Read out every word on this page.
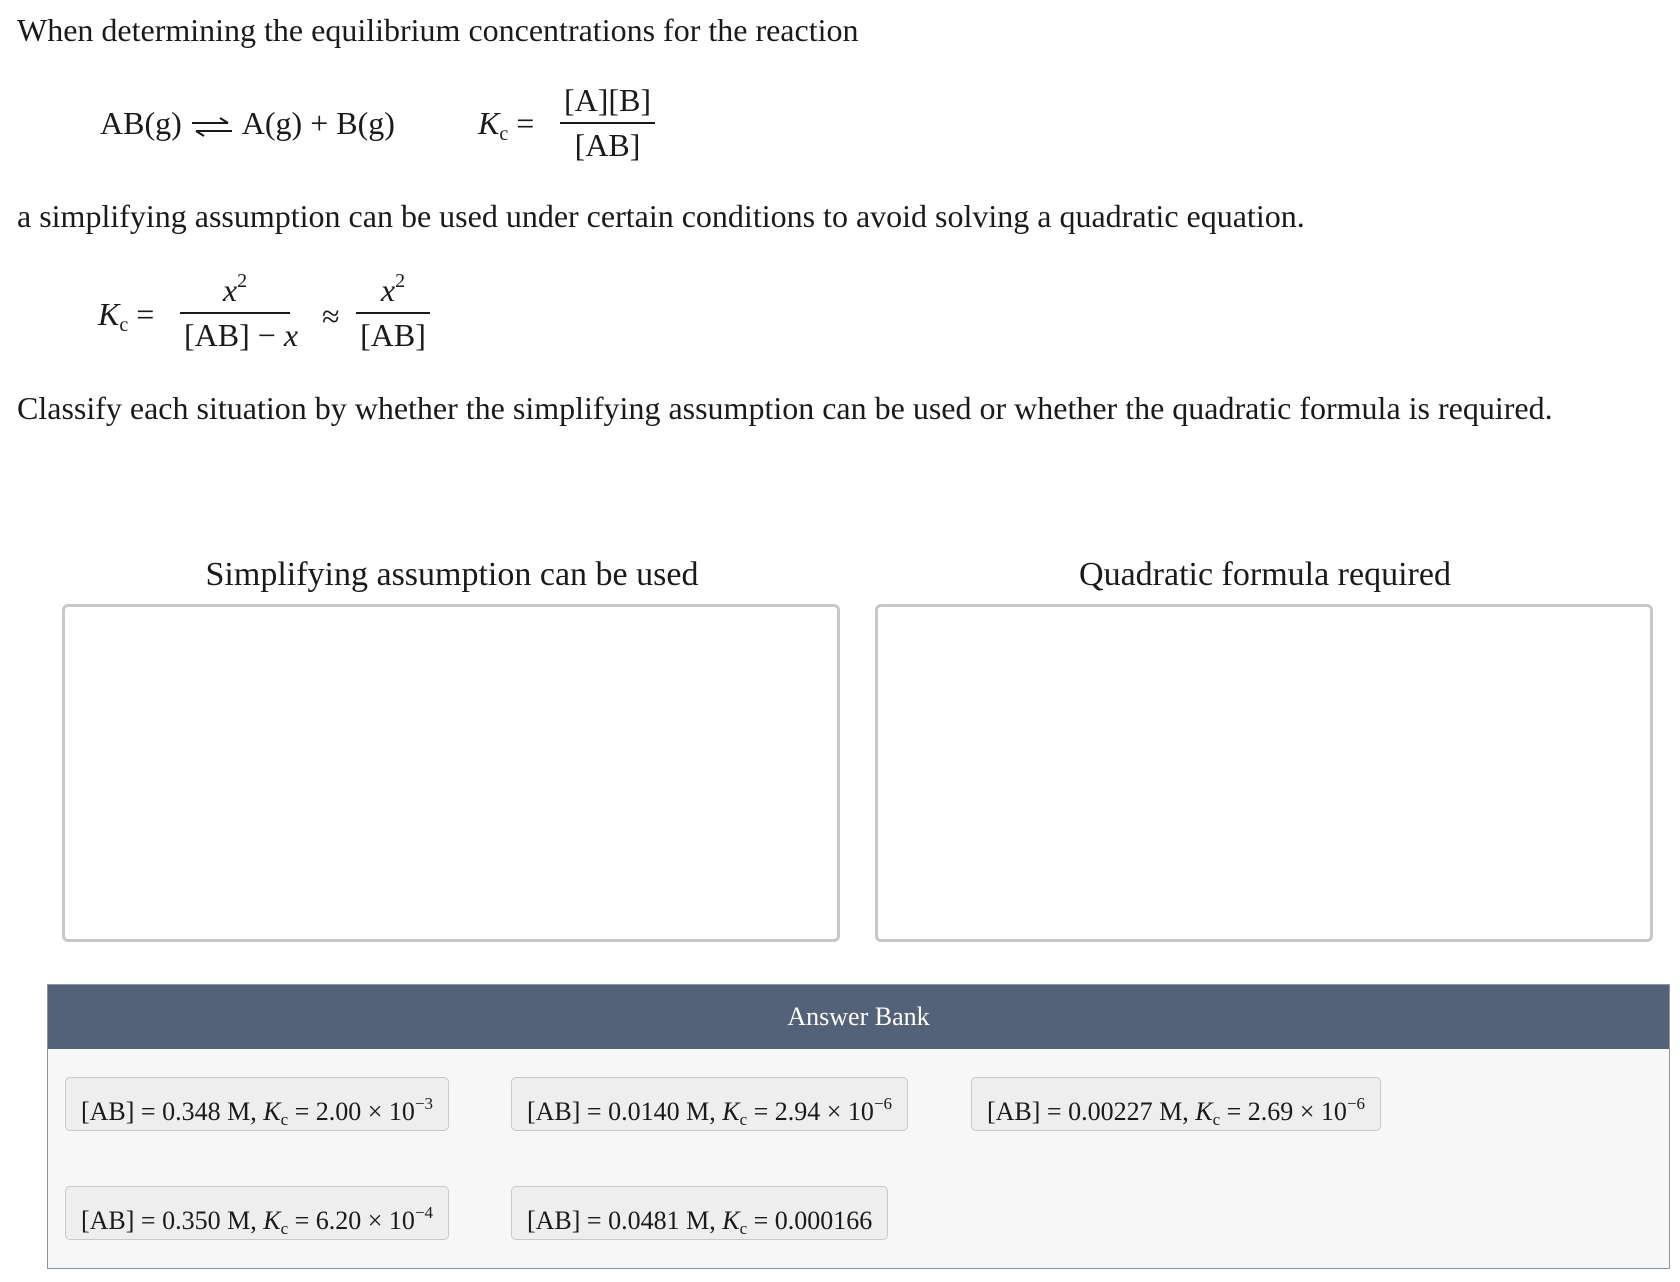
When determining the equilibrium concentrations for the reaction
AB(g) ⇌ A(g) + B(g)	$K_c = \frac{[A][B]}{[AB]}$
a simplifying assumption can be used under certain conditions to avoid solving a quadratic equation.
$K_c = \frac{x^2}{[AB] - x} \approx \frac{x^2}{[AB]}$
Classify each situation by whether the simplifying assumption can be used or whether the quadratic formula is required.
Simplifying assumption can be used	Quadratic formula required
Answer Bank
[AB] = 0.348 M, $K_c = 2.00 \times 10^{-3}$	[AB] = 0.0140 M, $K_c = 2.94 \times 10^{-6}$	[AB] = 0.00227 M, $K_c = 2.69 \times 10^{-6}$
[AB] = 0.350 M, $K_c = 6.20 \times 10^{-4}$	[AB] = 0.0481 M, $K_c = 0.000166$
